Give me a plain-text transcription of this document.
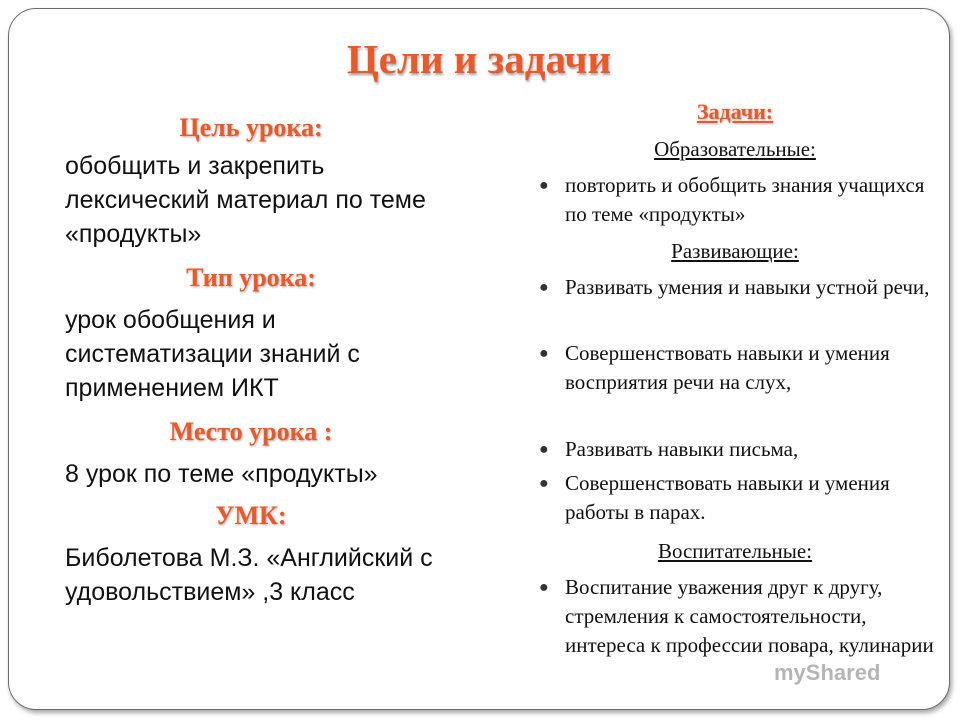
Цели и задачи
Цель урока:
обобщить и закрепить лексический материал по теме «продукты»
Тип урока:
урок обобщения и систематизации знаний с применением ИКТ
Место урока :
8 урок по теме «продукты»
УМК:
Биболетова М.З. «Английский с удовольствием» ,3 класс
Задачи:
Образовательные:
● повторить и обобщить знания учащихся по теме «продукты»
Развивающие:
● Развивать умения и навыки устной речи,
● Совершенствовать навыки и умения восприятия речи на слух,
● Развивать навыки письма,
● Совершенствовать навыки и умения работы в парах.
Воспитательные:
● Воспитание уважения друг к другу, стремления к самостоятельности, интереса к профессии повара, кулинарии
myShared
